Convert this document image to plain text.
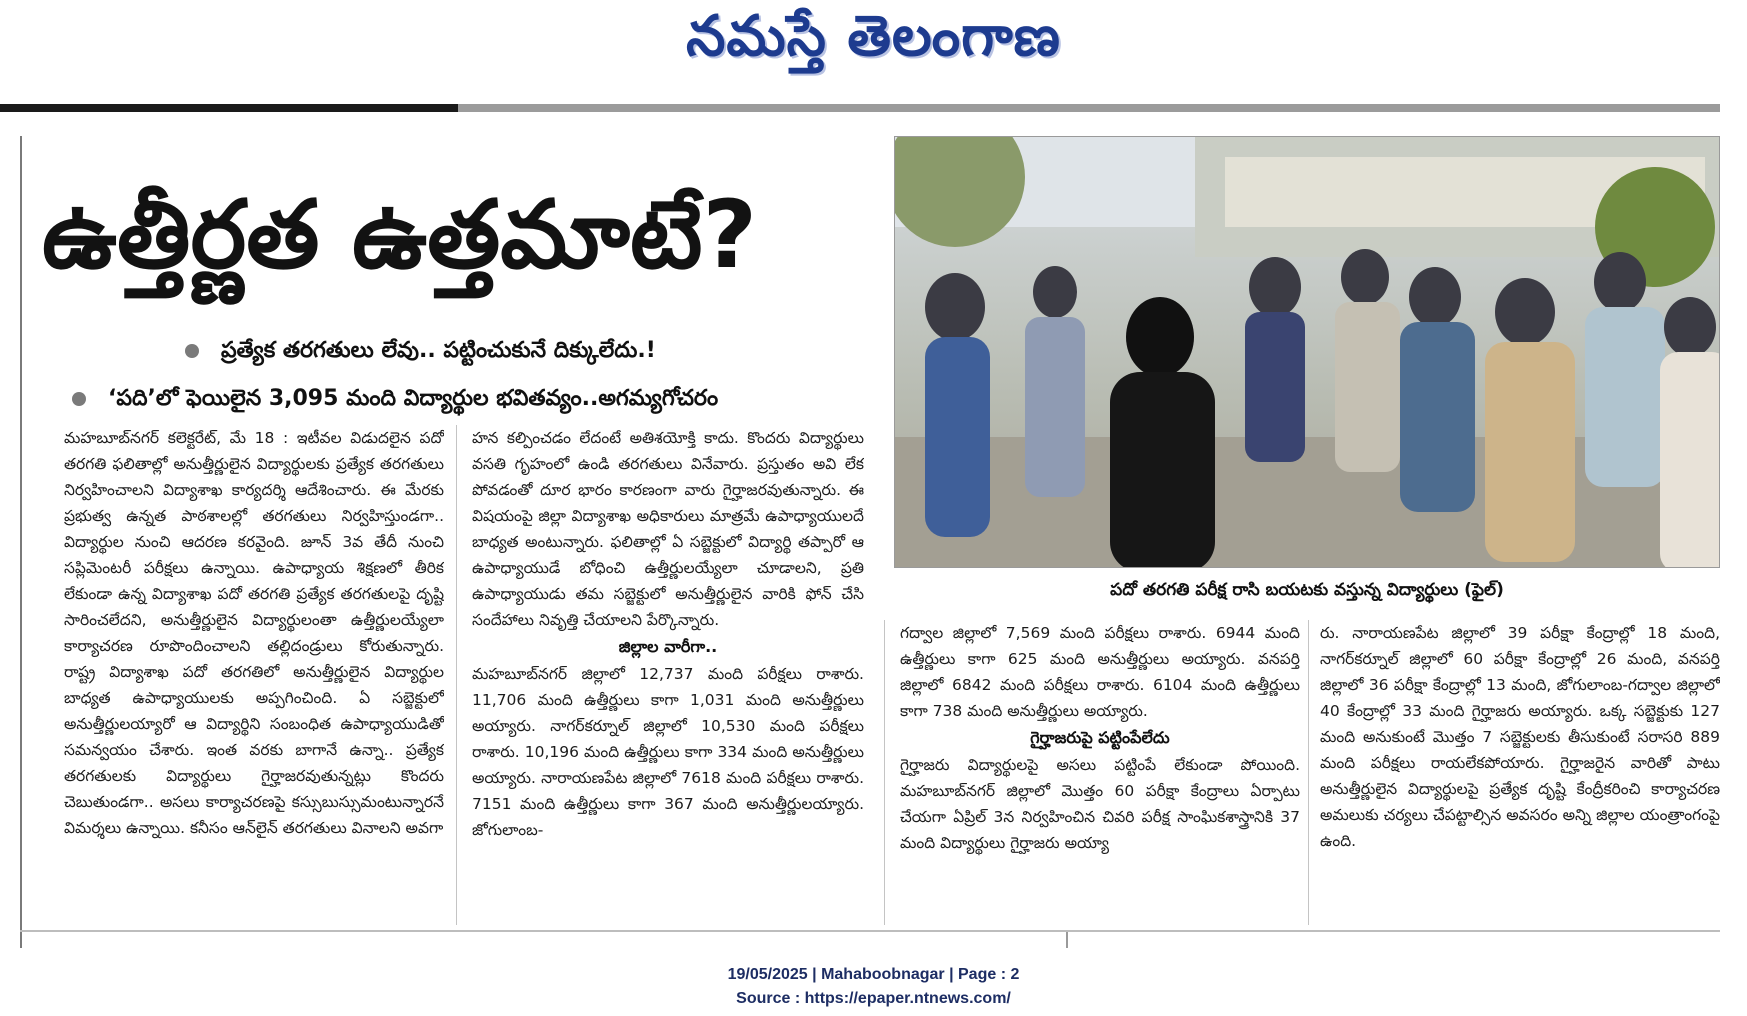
నమస్తే తెలంగాణ
ఉత్తీర్ణత ఉత్తమాటే?
ప్రత్యేక తరగతులు లేవు.. పట్టించుకునే దిక్కులేదు.!
‘పది’లో ఫెయిలైన 3,095 మంది విద్యార్థుల భవితవ్యం..అగమ్యగోచరం

మహబూబ్‌నగర్ కలెక్టరేట్, మే 18 : ఇటీవల విడుదలైన పదో తరగతి ఫలితాల్లో అనుత్తీర్ణులైన విద్యార్థులకు ప్రత్యేక తరగతులు నిర్వహించాలని విద్యాశాఖ కార్యదర్శి ఆదేశించారు. ఈ మేరకు ప్రభుత్వ ఉన్నత పాఠశాలల్లో తరగతులు నిర్వహిస్తుండగా.. విద్యార్థుల నుంచి ఆదరణ కరవైంది. జూన్ 3వ తేదీ నుంచి సప్లిమెంటరీ పరీక్షలు ఉన్నాయి. ఉపాధ్యాయ శిక్షణలో తీరిక లేకుండా ఉన్న విద్యాశాఖ పదో తరగతి ప్రత్యేక తరగతులపై దృష్టి సారించలేదని, అనుత్తీర్ణులైన విద్యార్థులంతా ఉత్తీర్ణులయ్యేలా కార్యాచరణ రూపొందించాలని తల్లిదండ్రులు కోరుతున్నారు. రాష్ట్ర విద్యాశాఖ పదో తరగతిలో అనుత్తీర్ణులైన విద్యార్థుల బాధ్యత ఉపాధ్యాయులకు అప్పగించింది. ఏ సబ్జెక్టులో అనుత్తీర్ణులయ్యారో ఆ విద్యార్థిని సంబంధిత ఉపాధ్యాయుడితో సమన్వయం చేశారు. ఇంత వరకు బాగానే ఉన్నా.. ప్రత్యేక తరగతులకు విద్యార్థులు గైర్హాజరవుతున్నట్లు కొందరు చెబుతుండగా.. అసలు కార్యాచరణపై కస్సుబుస్సుమంటున్నారనే విమర్శలు ఉన్నాయి. కనీసం ఆన్‌లైన్ తరగతులు వినాలని అవగా

హన కల్పించడం లేదంటే అతిశయోక్తి కాదు. కొందరు విద్యార్థులు వసతి గృహంలో ఉండి తరగతులు వినేవారు. ప్రస్తుతం అవి లేక పోవడంతో దూర భారం కారణంగా వారు గైర్హాజరవుతున్నారు. ఈ విషయంపై జిల్లా విద్యాశాఖ అధికారులు మాత్రమే ఉపాధ్యాయులదే బాధ్యత అంటున్నారు. ఫలితాల్లో ఏ సబ్జెక్టులో విద్యార్థి తప్పారో ఆ ఉపాధ్యాయుడే బోధించి ఉత్తీర్ణులయ్యేలా చూడాలని, ప్రతి ఉపాధ్యాయుడు తమ సబ్జెక్టులో అనుత్తీర్ణులైన వారికి ఫోన్ చేసి సందేహాలు నివృత్తి చేయాలని పేర్కొన్నారు.

జిల్లాల వారీగా..

మహబూబ్‌నగర్ జిల్లాలో 12,737 మంది పరీక్షలు రాశారు. 11,706 మంది ఉత్తీర్ణులు కాగా 1,031 మంది అనుత్తీర్ణులు అయ్యారు. నాగర్‌కర్నూల్ జిల్లాలో 10,530 మంది పరీక్షలు రాశారు. 10,196 మంది ఉత్తీర్ణులు కాగా 334 మంది అనుత్తీర్ణులు అయ్యారు. నారాయణపేట జిల్లాలో 7618 మంది పరీక్షలు రాశారు. 7151 మంది ఉత్తీర్ణులు కాగా 367 మంది అనుత్తీర్ణులయ్యారు. జోగులాంబ-

పదో తరగతి పరీక్ష రాసి బయటకు వస్తున్న విద్యార్థులు (ఫైల్)

గద్వాల జిల్లాలో 7,569 మంది పరీక్షలు రాశారు. 6944 మంది ఉత్తీర్ణులు కాగా 625 మంది అనుత్తీర్ణులు అయ్యారు. వనపర్తి జిల్లాలో 6842 మంది పరీక్షలు రాశారు. 6104 మంది ఉత్తీర్ణులు కాగా 738 మంది అనుత్తీర్ణులు అయ్యారు.

గైర్హాజరుపై పట్టింపేలేదు

గైర్హాజరు విద్యార్థులపై అసలు పట్టింపే లేకుండా పోయింది. మహబూబ్‌నగర్ జిల్లాలో మొత్తం 60 పరీక్షా కేంద్రాలు ఏర్పాటు చేయగా ఏప్రిల్ 3న నిర్వహించిన చివరి పరీక్ష సాంఘికశాస్త్రానికి 37 మంది విద్యార్థులు గైర్హాజరు అయ్యా

రు. నారాయణపేట జిల్లాలో 39 పరీక్షా కేంద్రాల్లో 18 మంది, నాగర్‌కర్నూల్ జిల్లాలో 60 పరీక్షా కేంద్రాల్లో 26 మంది, వనపర్తి జిల్లాలో 36 పరీక్షా కేంద్రాల్లో 13 మంది, జోగులాంబ-గద్వాల జిల్లాలో 40 కేంద్రాల్లో 33 మంది గైర్హాజరు అయ్యారు. ఒక్క సబ్జెక్టుకు 127 మంది అనుకుంటే మొత్తం 7 సబ్జెక్టులకు తీసుకుంటే సరాసరి 889 మంది పరీక్షలు రాయలేకపోయారు. గైర్హాజరైన వారితో పాటు అనుత్తీర్ణులైన విద్యార్థులపై ప్రత్యేక దృష్టి కేంద్రీకరించి కార్యాచరణ అమలుకు చర్యలు చేపట్టాల్సిన అవసరం అన్ని జిల్లాల యంత్రాంగంపై ఉంది.

19/05/2025 | Mahaboobnagar | Page : 2
Source : https://epaper.ntnews.com/
